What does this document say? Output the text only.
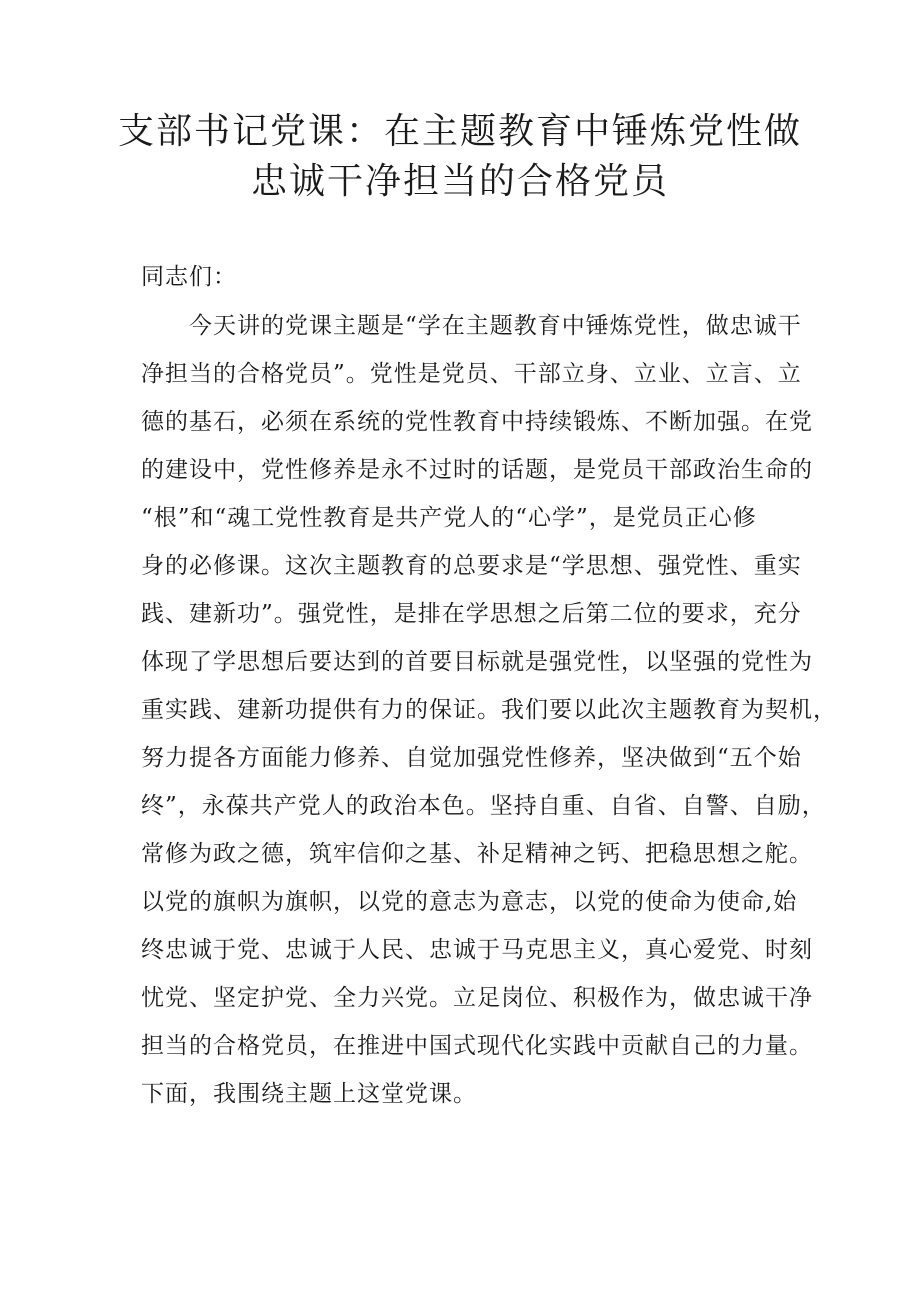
支部书记党课：在主题教育中锤炼党性做
忠诚干净担当的合格党员
同志们：
　　今天讲的党课主题是“学在主题教育中锤炼党性，做忠诚干
净担当的合格党员”。党性是党员、干部立身、立业、立言、立
德的基石，必须在系统的党性教育中持续锻炼、不断加强。在党
的建设中，党性修养是永不过时的话题，是党员干部政治生命的
“根”和“魂工党性教育是共产党人的“心学”，是党员正心修
身的必修课。这次主题教育的总要求是“学思想、强党性、重实
践、建新功”。强党性，是排在学思想之后第二位的要求，充分
体现了学思想后要达到的首要目标就是强党性，以坚强的党性为
重实践、建新功提供有力的保证。我们要以此次主题教育为契机，
努力提各方面能力修养、自觉加强党性修养，坚决做到“五个始
终”，永葆共产党人的政治本色。坚持自重、自省、自警、自励，
常修为政之德，筑牢信仰之基、补足精神之钙、把稳思想之舵。
以党的旗帜为旗帜，以党的意志为意志，以党的使命为使命,始
终忠诚于党、忠诚于人民、忠诚于马克思主义，真心爱党、时刻
忧党、坚定护党、全力兴党。立足岗位、积极作为，做忠诚干净
担当的合格党员，在推进中国式现代化实践中贡献自己的力量。
下面，我围绕主题上这堂党课。
